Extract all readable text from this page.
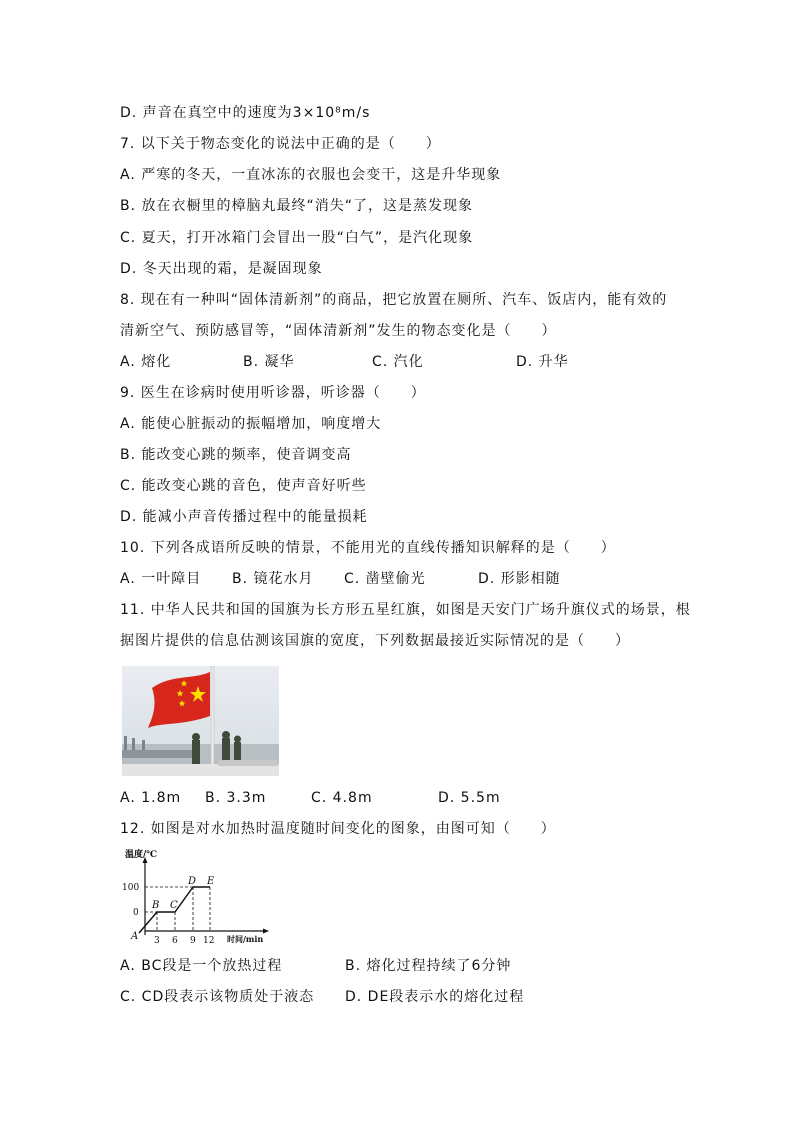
D. 声音在真空中的速度为3×10⁸m/s
7. 以下关于物态变化的说法中正确的是（　　）
A. 严寒的冬天，一直冰冻的衣服也会变干，这是升华现象
B. 放在衣橱里的樟脑丸最终“消失“了，这是蒸发现象
C. 夏天，打开冰箱门会冒出一股“白气”，是汽化现象
D. 冬天出现的霜，是凝固现象
8. 现在有一种叫“固体清新剂”的商品，把它放置在厕所、汽车、饭店内，能有效的
清新空气、预防感冒等，“固体清新剂”发生的物态变化是（　　）
A. 熔化	B. 凝华	C. 汽化	D. 升华
9. 医生在诊病时使用听诊器，听诊器（　　）
A. 能使心脏振动的振幅增加，响度增大
B. 能改变心跳的频率，使音调变高
C. 能改变心跳的音色，使声音好听些
D. 能减小声音传播过程中的能量损耗
10. 下列各成语所反映的情景，不能用光的直线传播知识解释的是（　　）
A. 一叶障目 B. 镜花水月 C. 凿壁偷光	D. 形影相随
11. 中华人民共和国的国旗为长方形五星红旗，如图是天安门广场升旗仪式的场景，根
据图片提供的信息估测该国旗的宽度，下列数据最接近实际情况的是（　　）
A. 1.8m B. 3.3m	C. 4.8m	D. 5.5m
12. 如图是对水加热时温度随时间变化的图象，由图可知（　　）
温度/℃
时间/min
100
0
3 6 9 12
A
B C
D E
A. BC段是一个放热过程	B. 熔化过程持续了6分钟
C. CD段表示该物质处于液态 D. DE段表示水的熔化过程
